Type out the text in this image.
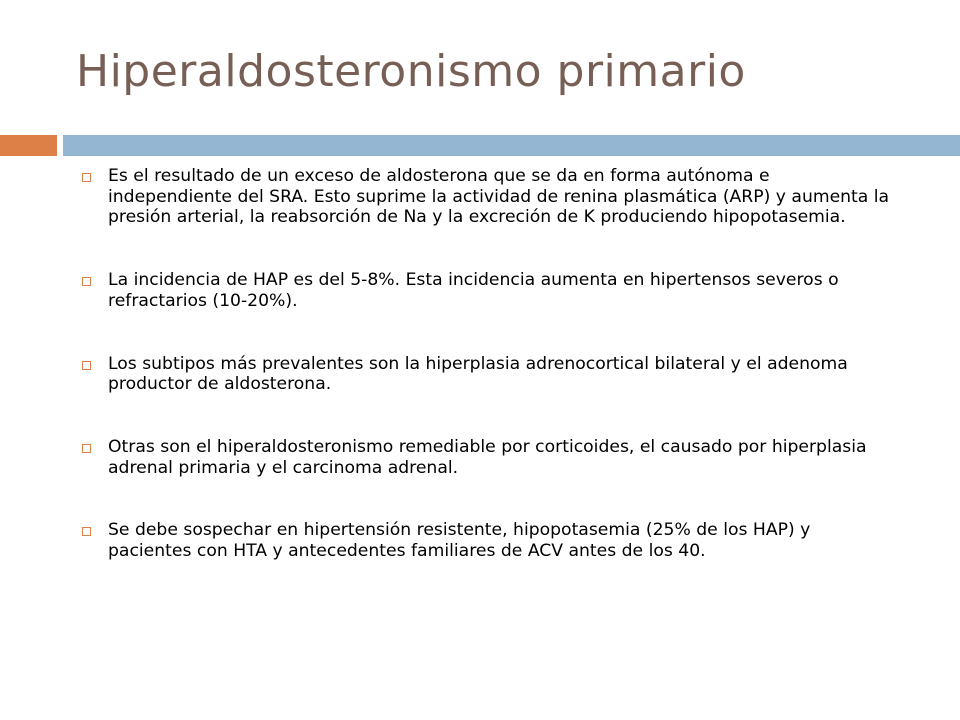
Hiperaldosteronismo primario
Es el resultado de un exceso de aldosterona que se da en forma autónoma e independiente del SRA. Esto suprime la actividad de renina plasmática (ARP) y aumenta la presión arterial, la reabsorción de Na y la excreción de K produciendo hipopotasemia.
La incidencia de HAP es del 5-8%. Esta incidencia aumenta en hipertensos severos o refractarios (10-20%).
Los subtipos más prevalentes son la hiperplasia adrenocortical bilateral y el adenoma productor de aldosterona.
Otras son el hiperaldosteronismo remediable por corticoides, el causado por hiperplasia adrenal primaria y el carcinoma adrenal.
Se debe sospechar en hipertensión resistente, hipopotasemia (25% de los HAP) y pacientes con HTA y antecedentes familiares de ACV antes de los 40.
